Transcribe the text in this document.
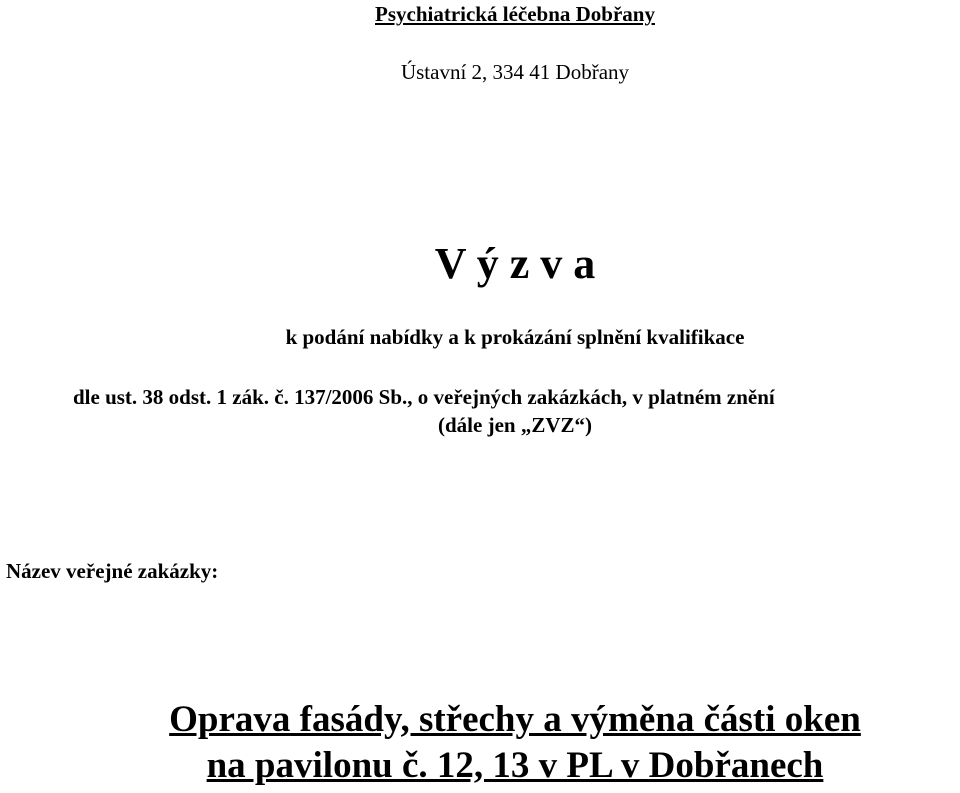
Psychiatrická léčebna Dobřany

Ústavní 2, 334 41 Dobřany

V ý z v a

k podání nabídky a k prokázání splnění kvalifikace

dle ust. 38 odst. 1 zák. č. 137/2006 Sb., o veřejných zakázkách, v platném znění

(dále jen „ZVZ“)

Název veřejné zakázky:

Oprava fasády, střechy a výměna části oken
na pavilonu č. 12, 13 v PL v Dobřanech
